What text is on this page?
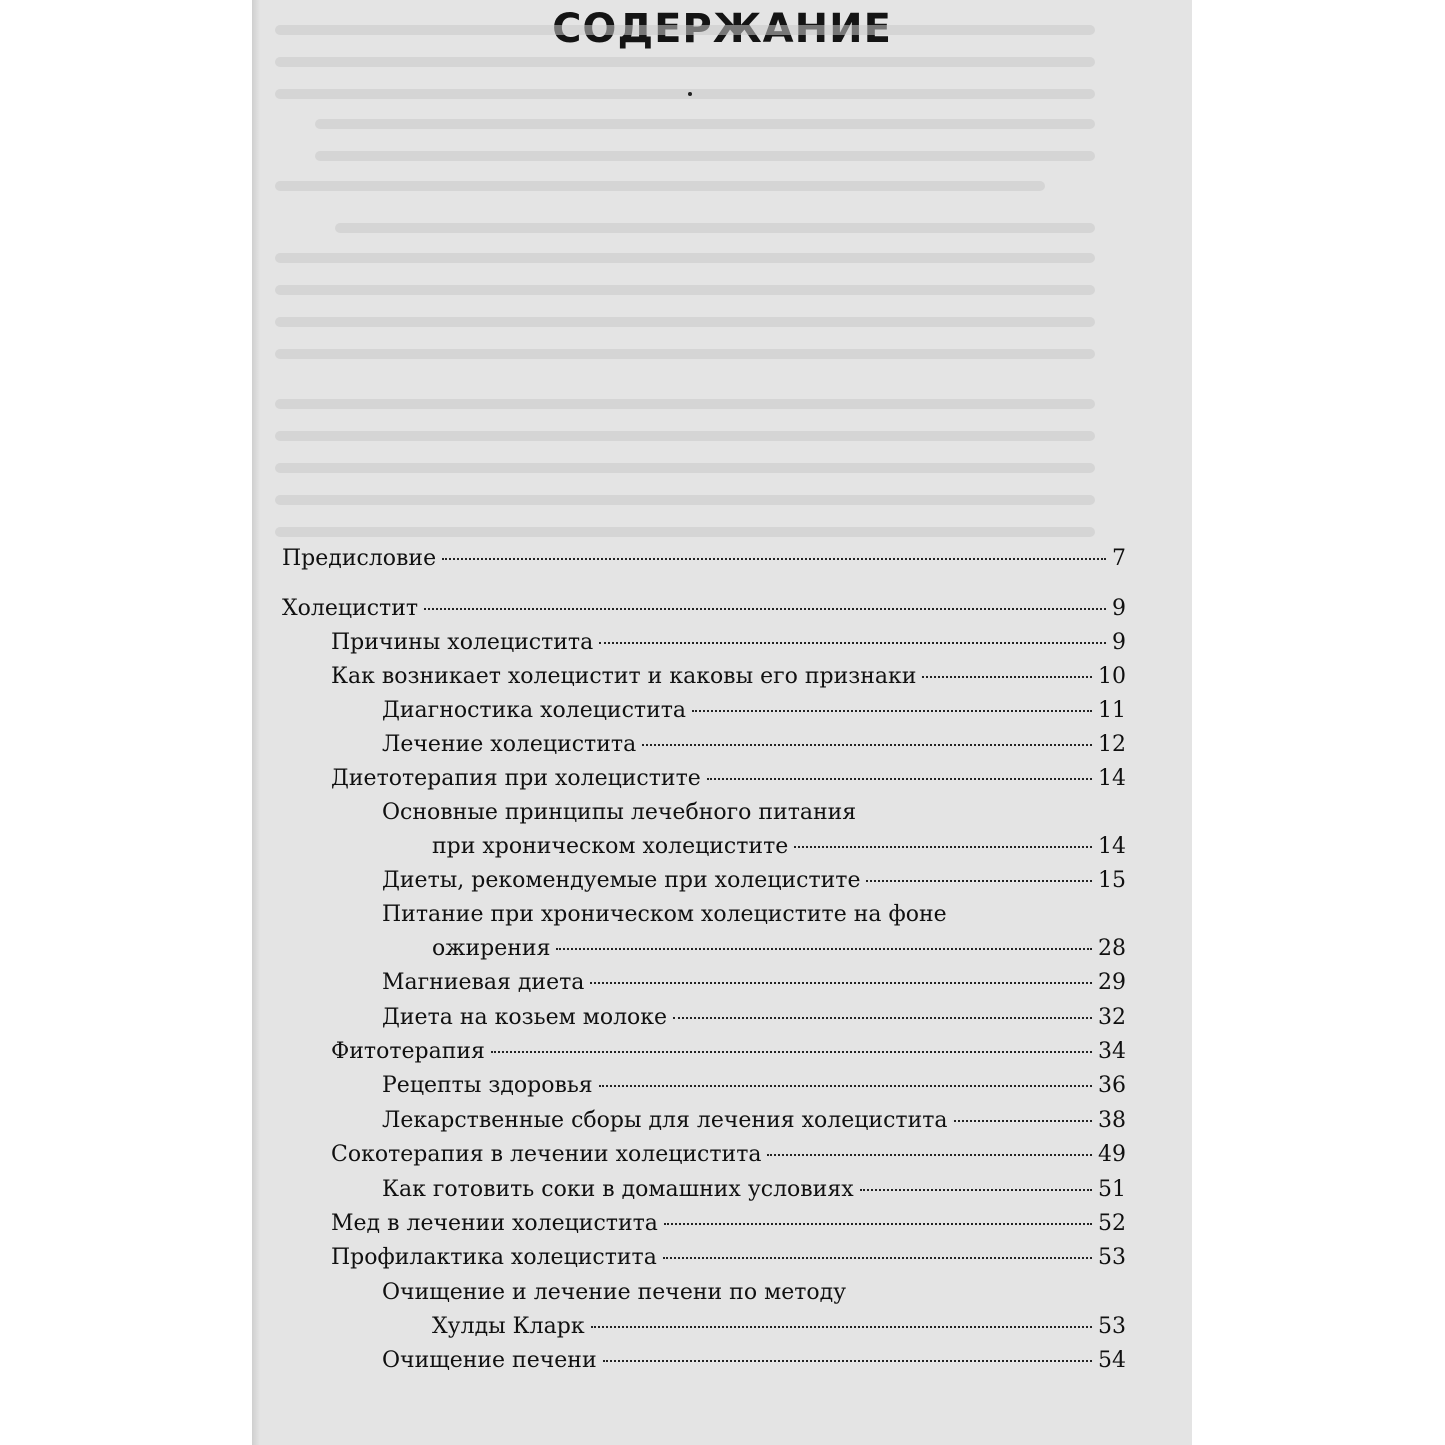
СОДЕРЖАНИЕ
Предисловие	7
Холецистит	9
Причины холецистита	9
Как возникает холецистит и каковы его признаки	10
Диагностика холецистита	11
Лечение холецистита	12
Диетотерапия при холецистите	14
Основные принципы лечебного питания
при хроническом холецистите	14
Диеты, рекомендуемые при холецистите	15
Питание при хроническом холецистите на фоне
ожирения	28
Магниевая диета	29
Диета на козьем молоке	32
Фитотерапия	34
Рецепты здоровья	36
Лекарственные сборы для лечения холецистита	38
Сокотерапия в лечении холецистита	49
Как готовить соки в домашних условиях	51
Мед в лечении холецистита	52
Профилактика холецистита	53
Очищение и лечение печени по методу
Хулды Кларк	53
Очищение печени	54
